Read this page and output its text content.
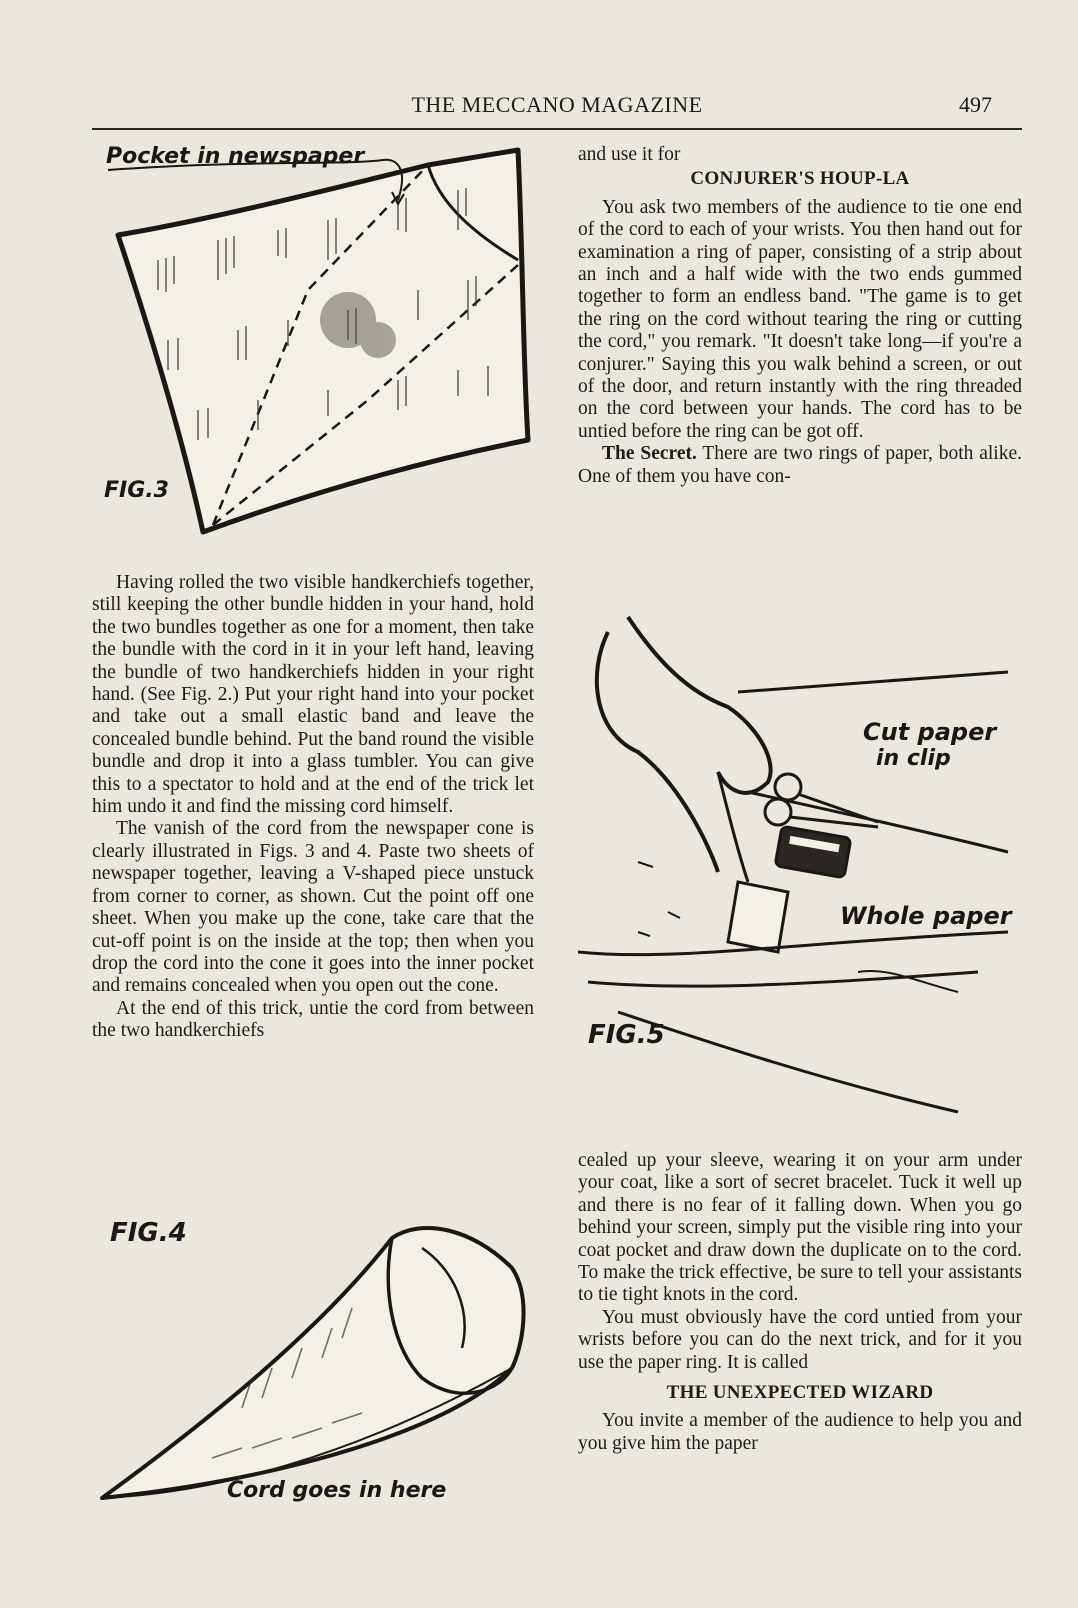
THE MECCANO MAGAZINE	497
Pocket in newspaper
FIG.3

Having rolled the two visible handkerchiefs together, still keeping the other bundle hidden in your hand, hold the two bundles together as one for a moment, then take the bundle with the cord in it in your left hand, leaving the bundle of two handkerchiefs hidden in your right hand. (See Fig. 2.) Put your right hand into your pocket and take out a small elastic band and leave the concealed bundle behind. Put the band round the visible bundle and drop it into a glass tumbler. You can give this to a spectator to hold and at the end of the trick let him undo it and find the missing cord himself.

The vanish of the cord from the newspaper cone is clearly illustrated in Figs. 3 and 4. Paste two sheets of newspaper together, leaving a V-shaped piece unstuck from corner to corner, as shown. Cut the point off one sheet. When you make up the cone, take care that the cut-off point is on the inside at the top; then when you drop the cord into the cone it goes into the inner pocket and remains concealed when you open out the cone.

At the end of this trick, untie the cord from between the two handkerchiefs

FIG.4
Cord goes in here

and use it for

CONJURER'S HOUP-LA

You ask two members of the audience to tie one end of the cord to each of your wrists. You then hand out for examination a ring of paper, consisting of a strip about an inch and a half wide with the two ends gummed together to form an endless band. "The game is to get the ring on the cord without tearing the ring or cutting the cord," you remark. "It doesn't take long—if you're a conjurer." Saying this you walk behind a screen, or out of the door, and return instantly with the ring threaded on the cord between your hands. The cord has to be untied before the ring can be got off.

The Secret. There are two rings of paper, both alike. One of them you have con-

Cut paper
in clip
Whole paper
FIG.5

cealed up your sleeve, wearing it on your arm under your coat, like a sort of secret bracelet. Tuck it well up and there is no fear of it falling down. When you go behind your screen, simply put the visible ring into your coat pocket and draw down the duplicate on to the cord. To make the trick effective, be sure to tell your assistants to tie tight knots in the cord.

You must obviously have the cord untied from your wrists before you can do the next trick, and for it you use the paper ring. It is called

THE UNEXPECTED WIZARD

You invite a member of the audience to help you and you give him the paper
